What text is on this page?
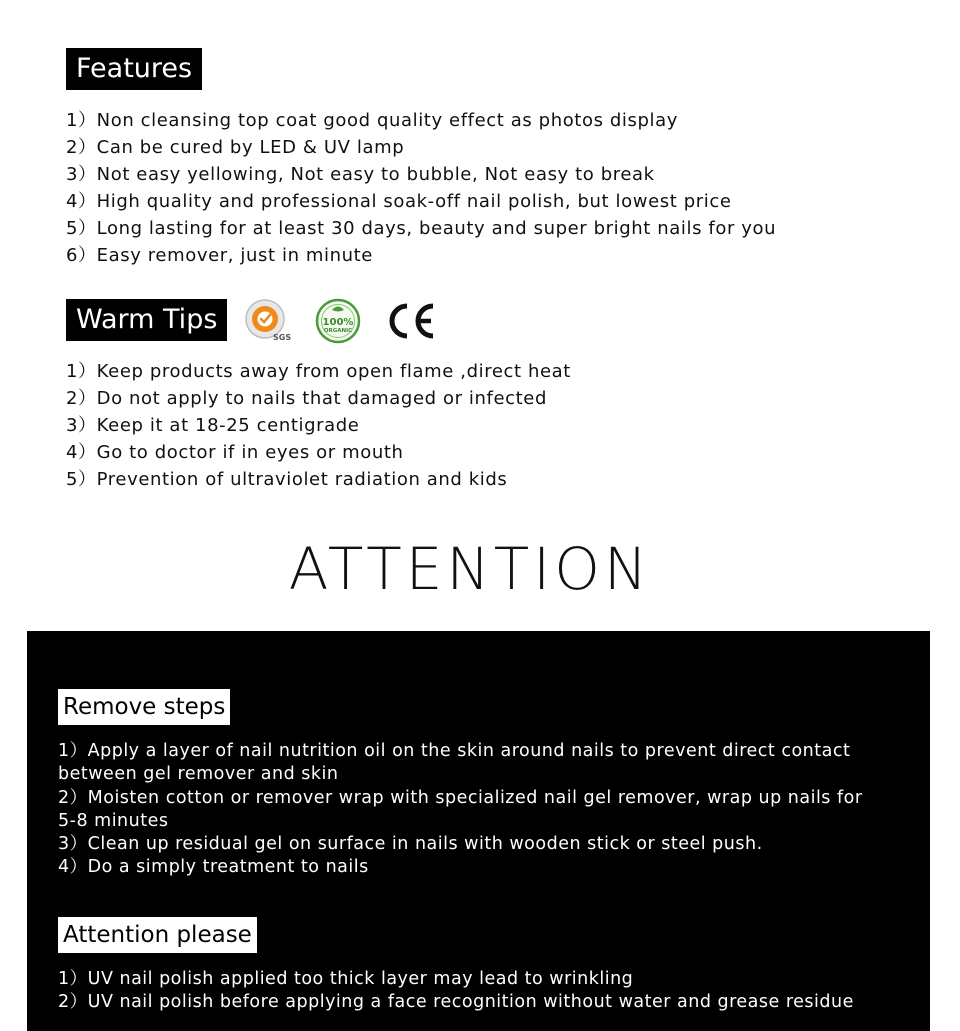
Features
1）Non cleansing top coat good quality effect as photos display
2）Can be cured by LED & UV lamp
3）Not easy yellowing, Not easy to bubble, Not easy to break
4）High quality and professional soak-off nail polish, but lowest price
5）Long lasting for at least 30 days, beauty and super bright nails for you
6）Easy remover, just in minute
Warm Tips
SGS
100%
ORGANIC
CE
1）Keep products away from open flame ,direct heat
2）Do not apply to nails that damaged or infected
3）Keep it at 18-25 centigrade
4）Go to doctor if in eyes or mouth
5）Prevention of ultraviolet radiation and kids
ATTENTION
Remove steps
1）Apply a layer of nail nutrition oil on the skin around nails to prevent direct contact between gel remover and skin
2）Moisten cotton or remover wrap with specialized nail gel remover, wrap up nails for 5-8 minutes
3）Clean up residual gel on surface in nails with wooden stick or steel push.
4）Do a simply treatment to nails
Attention please
1）UV nail polish applied too thick layer may lead to wrinkling
2）UV nail polish before applying a face recognition without water and grease residue
